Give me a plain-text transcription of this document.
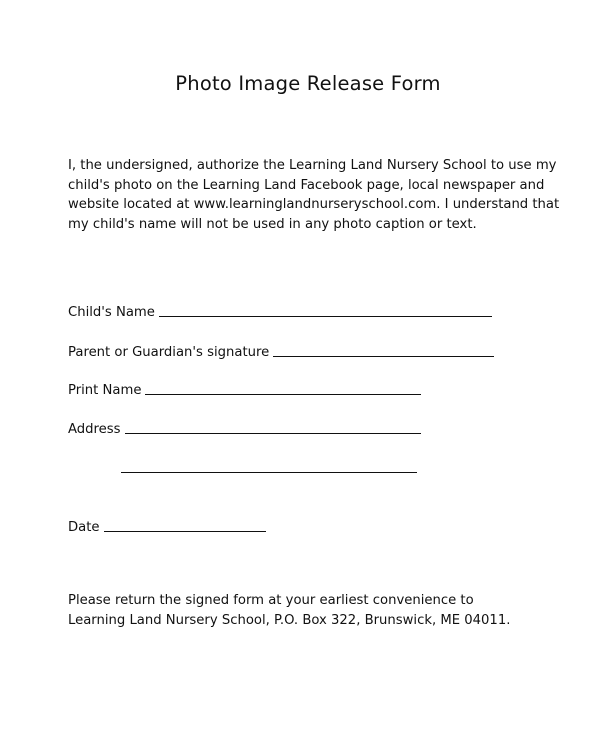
Photo Image Release Form
I, the undersigned, authorize the Learning Land Nursery School to use my
child's photo on the Learning Land Facebook page, local newspaper and
website located at www.learninglandnurseryschool.com. I understand that
my child's name will not be used in any photo caption or text.
Child's Name
Parent or Guardian's signature
Print Name
Address
Date
Please return the signed form at your earliest convenience to
Learning Land Nursery School, P.O. Box 322, Brunswick, ME 04011.
